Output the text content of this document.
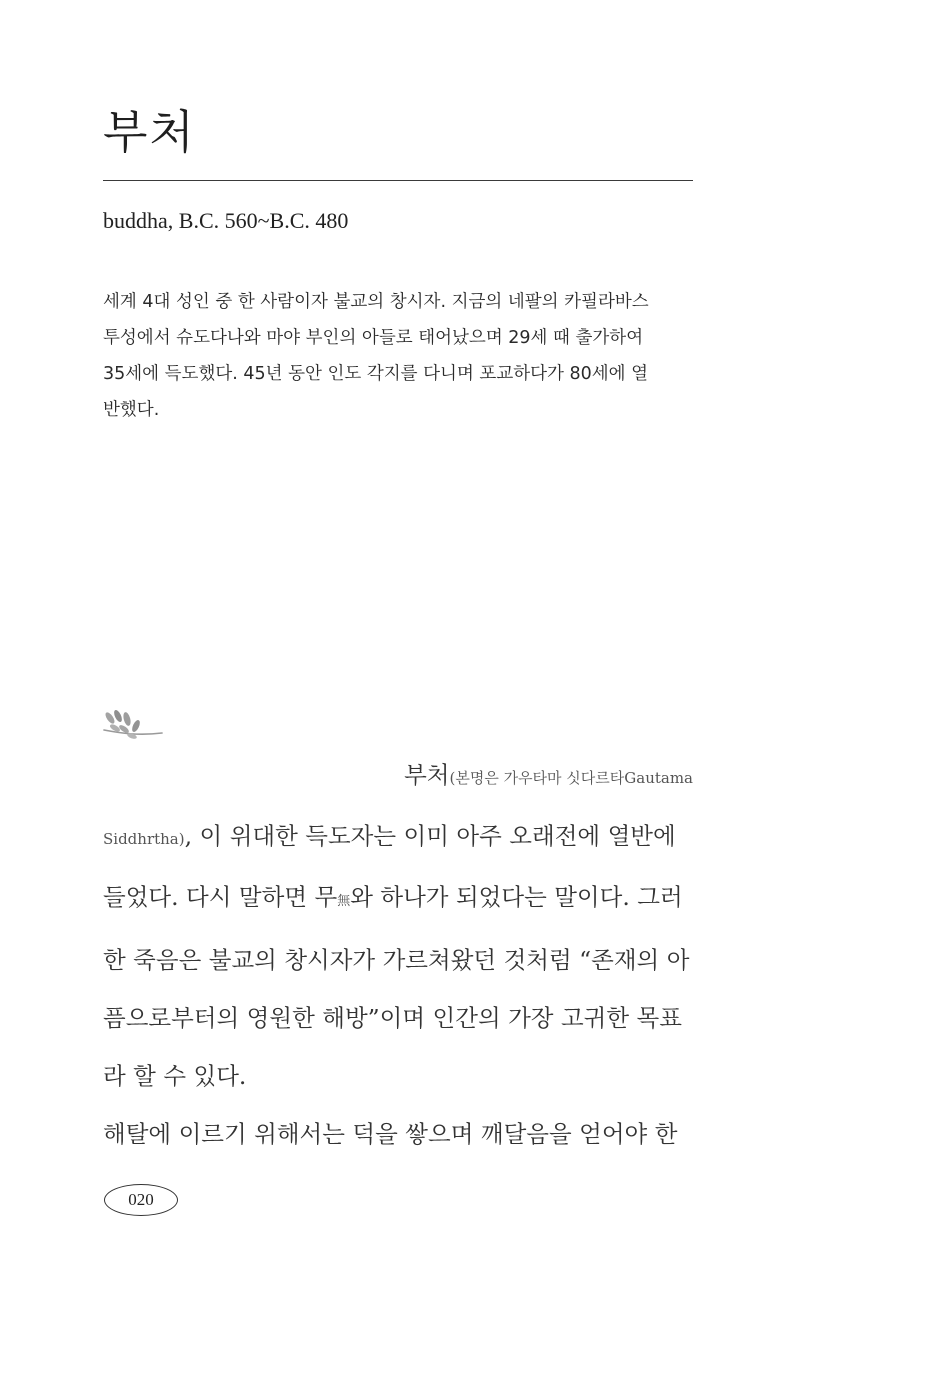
부처
buddha, B.C. 560~B.C. 480
세계 4대 성인 중 한 사람이자 불교의 창시자. 지금의 네팔의 카필라바스
투성에서 슈도다나와 마야 부인의 아들로 태어났으며 29세 때 출가하여
35세에 득도했다. 45년 동안 인도 각지를 다니며 포교하다가 80세에 열
반했다.
부처(본명은 가우타마 싯다르타Gautama
Siddhrtha), 이 위대한 득도자는 이미 아주 오래전에 열반에
들었다. 다시 말하면 무無와 하나가 되었다는 말이다. 그러
한 죽음은 불교의 창시자가 가르쳐왔던 것처럼 “존재의 아
픔으로부터의 영원한 해방”이며 인간의 가장 고귀한 목표
라 할 수 있다.
해탈에 이르기 위해서는 덕을 쌓으며 깨달음을 얻어야 한
020
